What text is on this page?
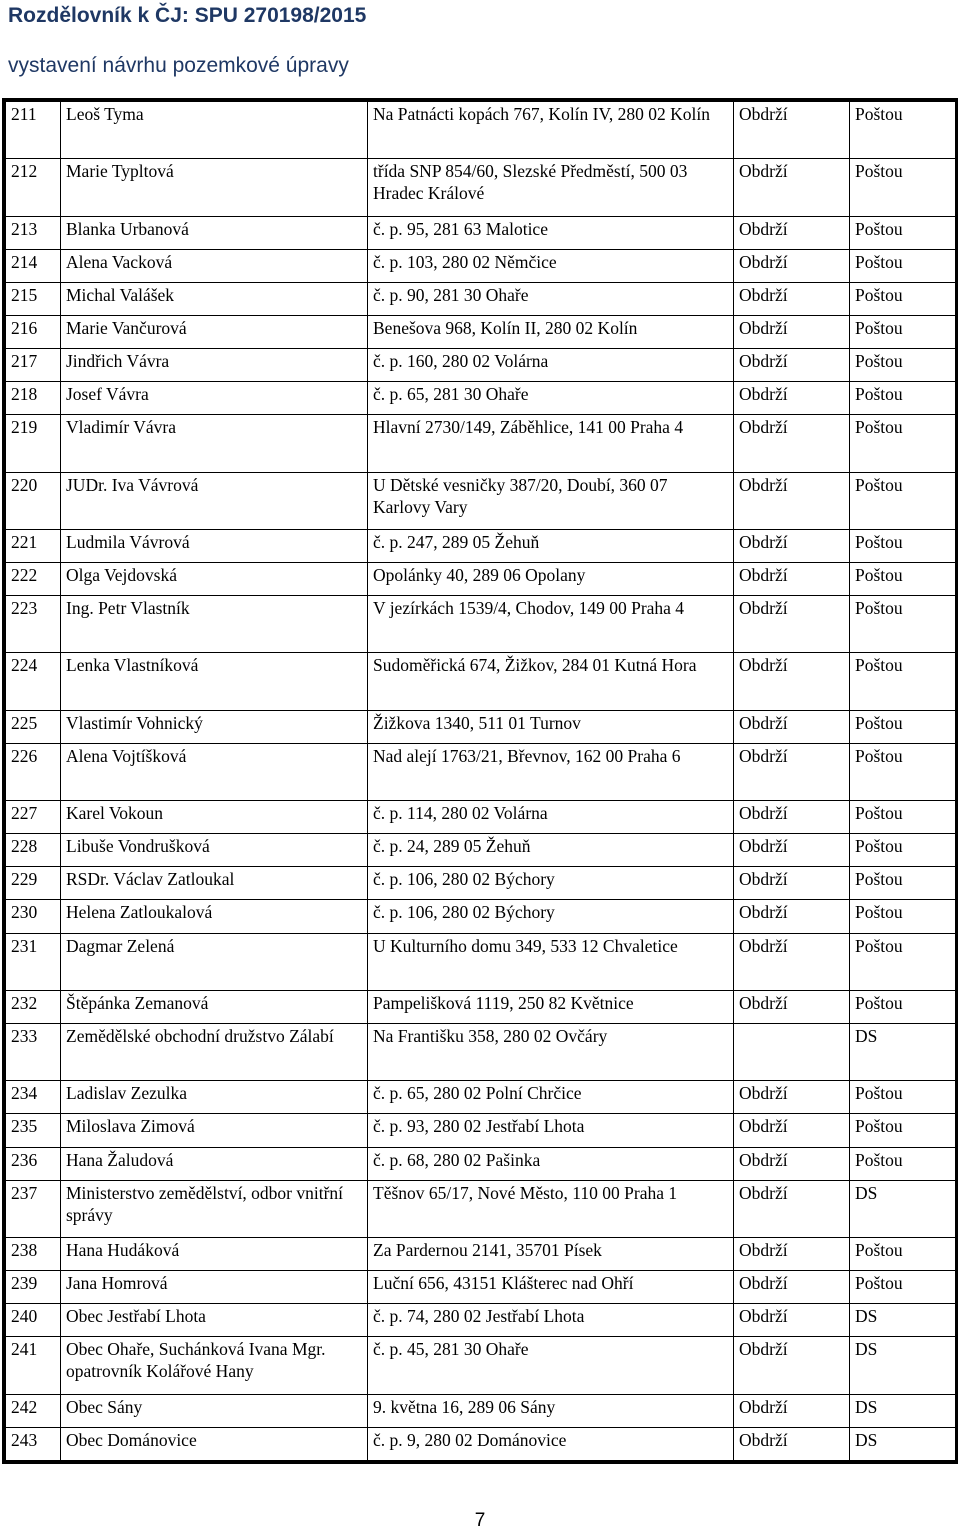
Rozdělovník k ČJ: SPU 270198/2015
vystavení návrhu pozemkové úpravy
211	Leoš Tyma	Na Patnácti kopách 767, Kolín IV, 280 02 Kolín	Obdrží	Poštou
212	Marie Typltová	třída SNP 854/60, Slezské Předměstí, 500 03 Hradec Králové	Obdrží	Poštou
213	Blanka Urbanová	č. p. 95, 281 63 Malotice	Obdrží	Poštou
214	Alena Vacková	č. p. 103, 280 02 Němčice	Obdrží	Poštou
215	Michal Valášek	č. p. 90, 281 30 Ohaře	Obdrží	Poštou
216	Marie Vančurová	Benešova 968, Kolín II, 280 02 Kolín	Obdrží	Poštou
217	Jindřich Vávra	č. p. 160, 280 02 Volárna	Obdrží	Poštou
218	Josef Vávra	č. p. 65, 281 30 Ohaře	Obdrží	Poštou
219	Vladimír Vávra	Hlavní 2730/149, Záběhlice, 141 00 Praha 4	Obdrží	Poštou
220	JUDr. Iva Vávrová	U Dětské vesničky 387/20, Doubí, 360 07 Karlovy Vary	Obdrží	Poštou
221	Ludmila Vávrová	č. p. 247, 289 05 Žehuň	Obdrží	Poštou
222	Olga Vejdovská	Opolánky 40, 289 06 Opolany	Obdrží	Poštou
223	Ing. Petr Vlastník	V jezírkách 1539/4, Chodov, 149 00 Praha 4	Obdrží	Poštou
224	Lenka Vlastníková	Sudoměřická 674, Žižkov, 284 01 Kutná Hora	Obdrží	Poštou
225	Vlastimír Vohnický	Žižkova 1340, 511 01 Turnov	Obdrží	Poštou
226	Alena Vojtíšková	Nad alejí 1763/21, Břevnov, 162 00 Praha 6	Obdrží	Poštou
227	Karel Vokoun	č. p. 114, 280 02 Volárna	Obdrží	Poštou
228	Libuše Vondrušková	č. p. 24, 289 05 Žehuň	Obdrží	Poštou
229	RSDr. Václav Zatloukal	č. p. 106, 280 02 Býchory	Obdrží	Poštou
230	Helena Zatloukalová	č. p. 106, 280 02 Býchory	Obdrží	Poštou
231	Dagmar Zelená	U Kulturního domu 349, 533 12 Chvaletice	Obdrží	Poštou
232	Štěpánka Zemanová	Pampelišková 1119, 250 82 Květnice	Obdrží	Poštou
233	Zemědělské obchodní družstvo Zálabí	Na Františku 358, 280 02 Ovčáry		DS
234	Ladislav Zezulka	č. p. 65, 280 02 Polní Chrčice	Obdrží	Poštou
235	Miloslava Zimová	č. p. 93, 280 02 Jestřabí Lhota	Obdrží	Poštou
236	Hana Žaludová	č. p. 68, 280 02 Pašinka	Obdrží	Poštou
237	Ministerstvo zemědělství, odbor vnitřní správy	Těšnov 65/17, Nové Město, 110 00 Praha 1	Obdrží	DS
238	Hana Hudáková	Za Pardernou 2141, 35701 Písek	Obdrží	Poštou
239	Jana Homrová	Luční 656, 43151 Klášterec nad Ohří	Obdrží	Poštou
240	Obec Jestřabí Lhota	č. p. 74, 280 02 Jestřabí Lhota	Obdrží	DS
241	Obec Ohaře, Suchánková Ivana Mgr. opatrovník Kolářové Hany	č. p. 45, 281 30 Ohaře	Obdrží	DS
242	Obec Sány	9. května 16, 289 06 Sány	Obdrží	DS
243	Obec Dománovice	č. p. 9, 280 02 Dománovice	Obdrží	DS
7
